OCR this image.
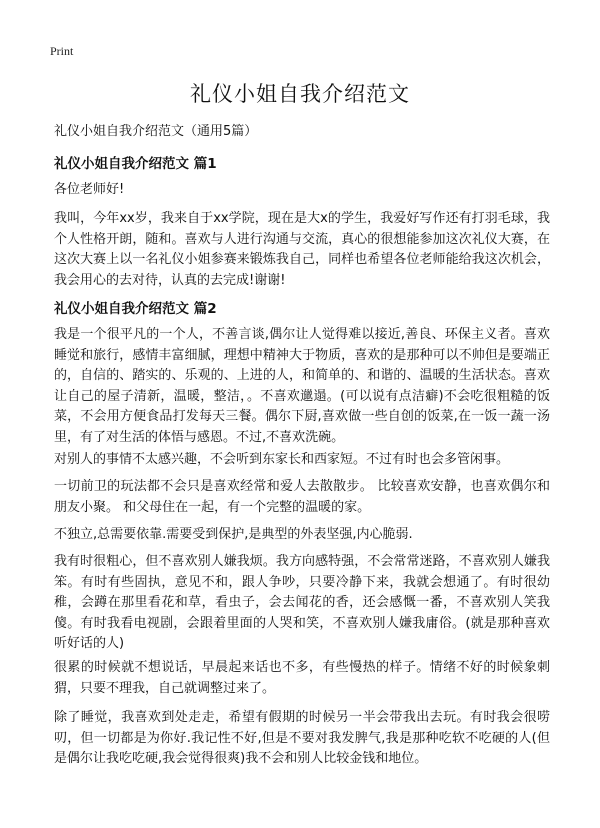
Print
礼仪小姐自我介绍范文
礼仪小姐自我介绍范文（通用5篇）
礼仪小姐自我介绍范文 篇1

各位老师好!

我叫，今年xx岁，我来自于xx学院，现在是大x的学生，我爱好写作还有打羽毛球，我个人性格开朗，随和。喜欢与人进行沟通与交流，真心的很想能参加这次礼仪大赛，在这次大赛上以一名礼仪小姐参赛来锻炼我自己，同样也希望各位老师能给我这次机会，我会用心的去对待，认真的去完成!谢谢!

礼仪小姐自我介绍范文 篇2

我是一个很平凡的一个人，不善言谈,偶尔让人觉得难以接近,善良、环保主义者。喜欢睡觉和旅行，感情丰富细腻，理想中精神大于物质，喜欢的是那种可以不帅但是要端正的，自信的、踏实的、乐观的、上进的人，和简单的、和谐的、温暖的生活状态。喜欢让自己的屋子清新，温暖，整洁，。不喜欢邋遢。(可以说有点洁癖)不会吃很粗糙的饭菜，不会用方便食品打发每天三餐。偶尔下厨,喜欢做一些自创的饭菜,在一饭一蔬一汤里，有了对生活的体悟与感恩。不过,不喜欢洗碗。

对别人的事情不太感兴趣，不会听到东家长和西家短。不过有时也会多管闲事。

一切前卫的玩法都不会只是喜欢经常和爱人去散散步。 比较喜欢安静，也喜欢偶尔和朋友小聚。 和父母住在一起，有一个完整的温暖的家。

不独立,总需要依靠.需要受到保护,是典型的外表坚强,内心脆弱.

我有时很粗心，但不喜欢别人嫌我烦。我方向感特强，不会常常迷路，不喜欢别人嫌我笨。有时有些固执，意见不和，跟人争吵，只要冷静下来，我就会想通了。有时很幼稚，会蹲在那里看花和草，看虫子，会去闻花的香，还会感慨一番，不喜欢别人笑我傻。有时我看电视剧，会跟着里面的人哭和笑，不喜欢别人嫌我庸俗。(就是那种喜欢听好话的人)

很累的时候就不想说话，早晨起来话也不多，有些慢热的样子。情绪不好的时候象刺猬，只要不理我，自己就调整过来了。

除了睡觉，我喜欢到处走走，希望有假期的时候另一半会带我出去玩。有时我会很唠叨，但一切都是为你好.我记性不好,但是不要对我发脾气,我是那种吃软不吃硬的人(但是偶尔让我吃吃硬,我会觉得很爽)我不会和别人比较金钱和地位。
